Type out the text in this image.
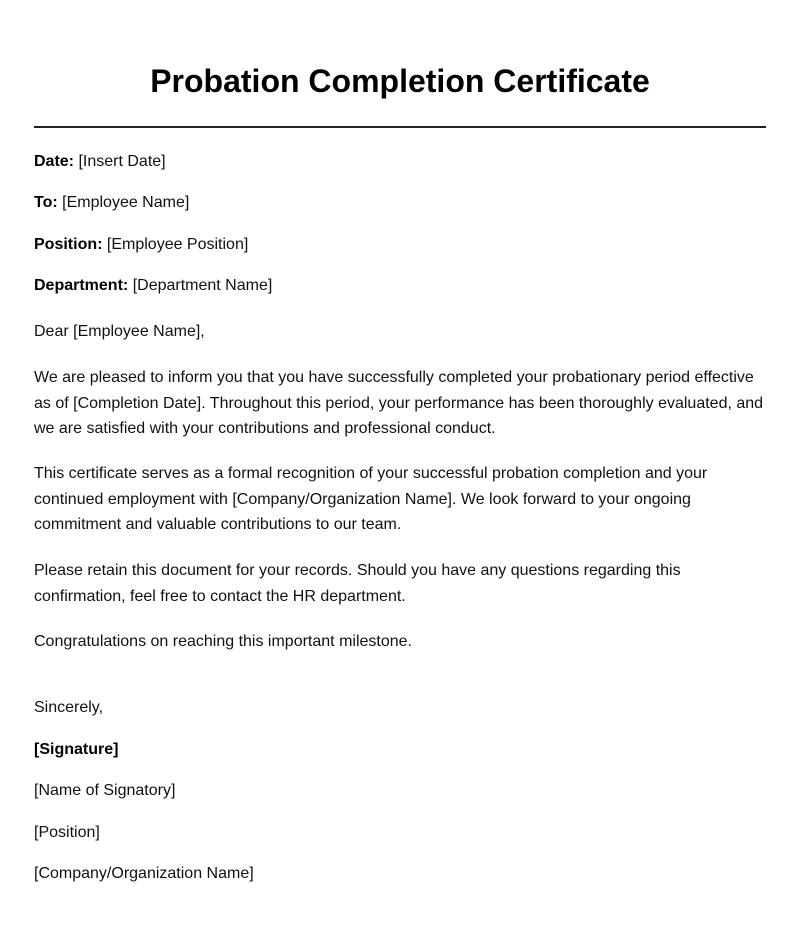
Probation Completion Certificate

Date: [Insert Date]

To: [Employee Name]

Position: [Employee Position]

Department: [Department Name]

Dear [Employee Name],

We are pleased to inform you that you have successfully completed your probationary period effective as of [Completion Date]. Throughout this period, your performance has been thoroughly evaluated, and we are satisfied with your contributions and professional conduct.

This certificate serves as a formal recognition of your successful probation completion and your continued employment with [Company/Organization Name]. We look forward to your ongoing commitment and valuable contributions to our team.

Please retain this document for your records. Should you have any questions regarding this confirmation, feel free to contact the HR department.

Congratulations on reaching this important milestone.

Sincerely,

[Signature]

[Name of Signatory]

[Position]

[Company/Organization Name]
